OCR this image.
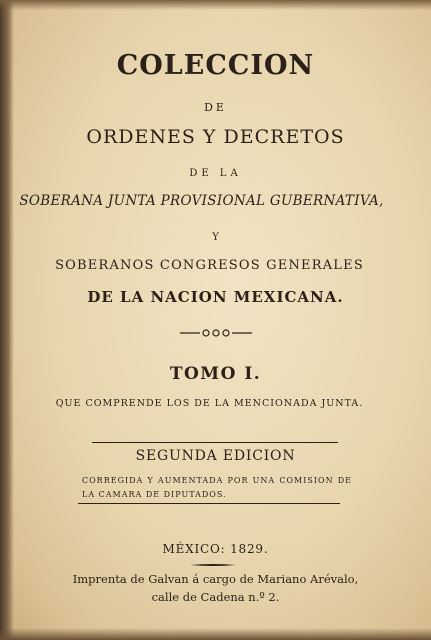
COLECCION
DE
ORDENES Y DECRETOS
DE LA
SOBERANA JUNTA PROVISIONAL GUBERNATIVA,
Y
SOBERANOS CONGRESOS GENERALES
DE LA NACION MEXICANA.
TOMO I.
QUE COMPRENDE LOS DE LA MENCIONADA JUNTA.
SEGUNDA EDICION
CORREGIDA Y AUMENTADA POR UNA COMISION DE LA CAMARA DE DIPUTADOS.
MÉXICO: 1829.
Imprenta de Galvan á cargo de Mariano Arévalo,
calle de Cadena n.º 2.
